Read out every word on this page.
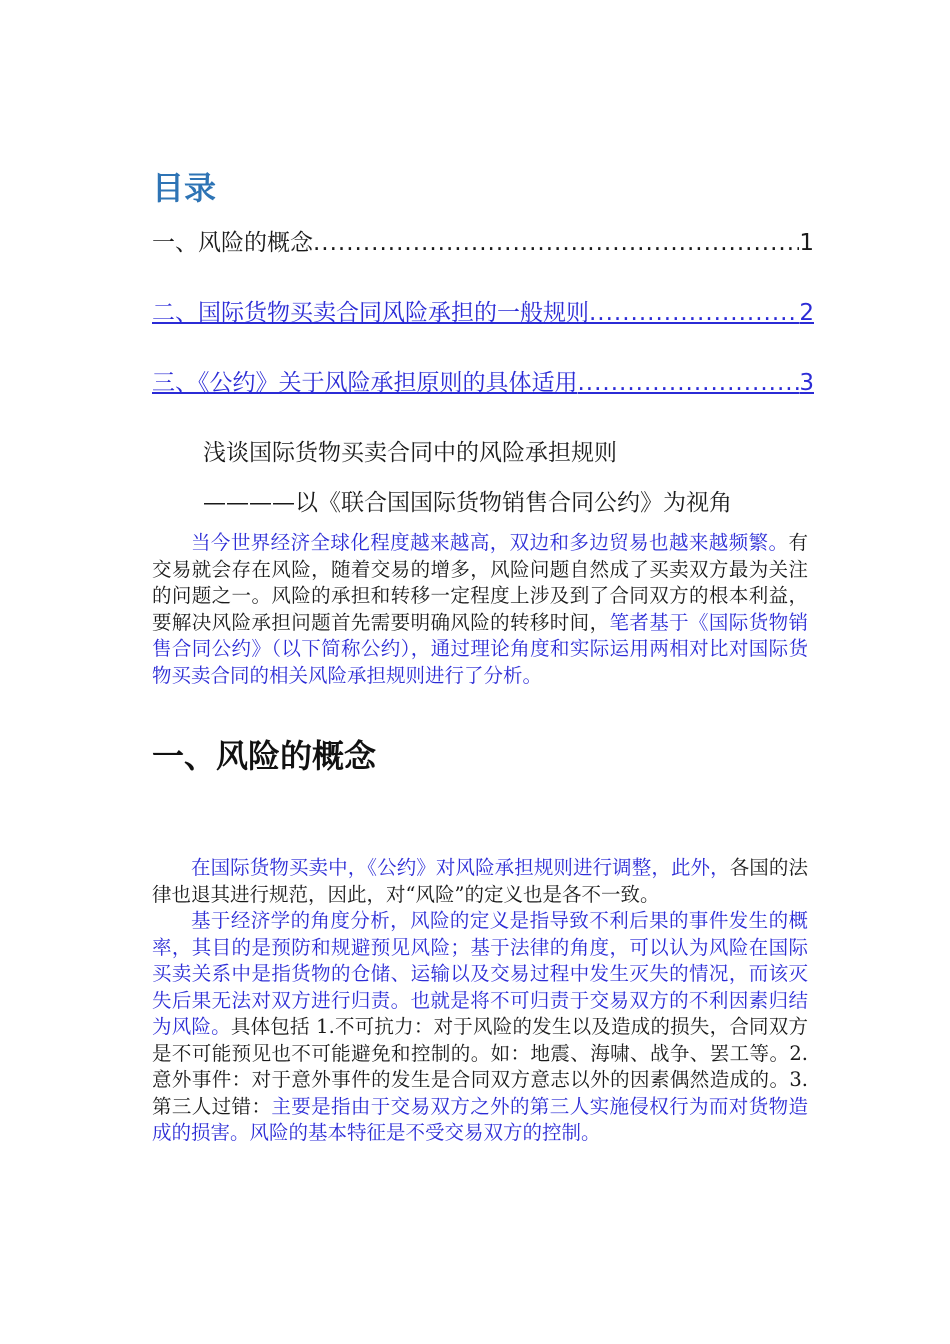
目录
一、风险的概念 .....	1
二、国际货物买卖合同风险承担的一般规则 .....	2
三、《公约》关于风险承担原则的具体适用 .....	3
浅谈国际货物买卖合同中的风险承担规则
————以《联合国国际货物销售合同公约》为视角
当今世界经济全球化程度越来越高，双边和多边贸易也越来越频繁。有交易就会存在风险，随着交易的增多，风险问题自然成了买卖双方最为关注的问题之一。风险的承担和转移一定程度上涉及到了合同双方的根本利益，要解决风险承担问题首先需要明确风险的转移时间，笔者基于《国际货物销售合同公约》（以下简称公约），通过理论角度和实际运用两相对比对国际货物买卖合同的相关风险承担规则进行了分析。
一、风险的概念
在国际货物买卖中，《公约》对风险承担规则进行调整，此外，各国的法律也退其进行规范，因此，对“风险”的定义也是各不一致。
基于经济学的角度分析，风险的定义是指导致不利后果的事件发生的概率，其目的是预防和规避预见风险；基于法律的角度，可以认为风险在国际买卖关系中是指货物的仓储、运输以及交易过程中发生灭失的情况，而该灭失后果无法对双方进行归责。也就是将不可归责于交易双方的不利因素归结为风险。具体包括 1.不可抗力：对于风险的发生以及造成的损失，合同双方是不可能预见也不可能避免和控制的。如：地震、海啸、战争、罢工等。2.意外事件：对于意外事件的发生是合同双方意志以外的因素偶然造成的。3.第三人过错：主要是指由于交易双方之外的第三人实施侵权行为而对货物造成的损害。风险的基本特征是不受交易双方的控制。
